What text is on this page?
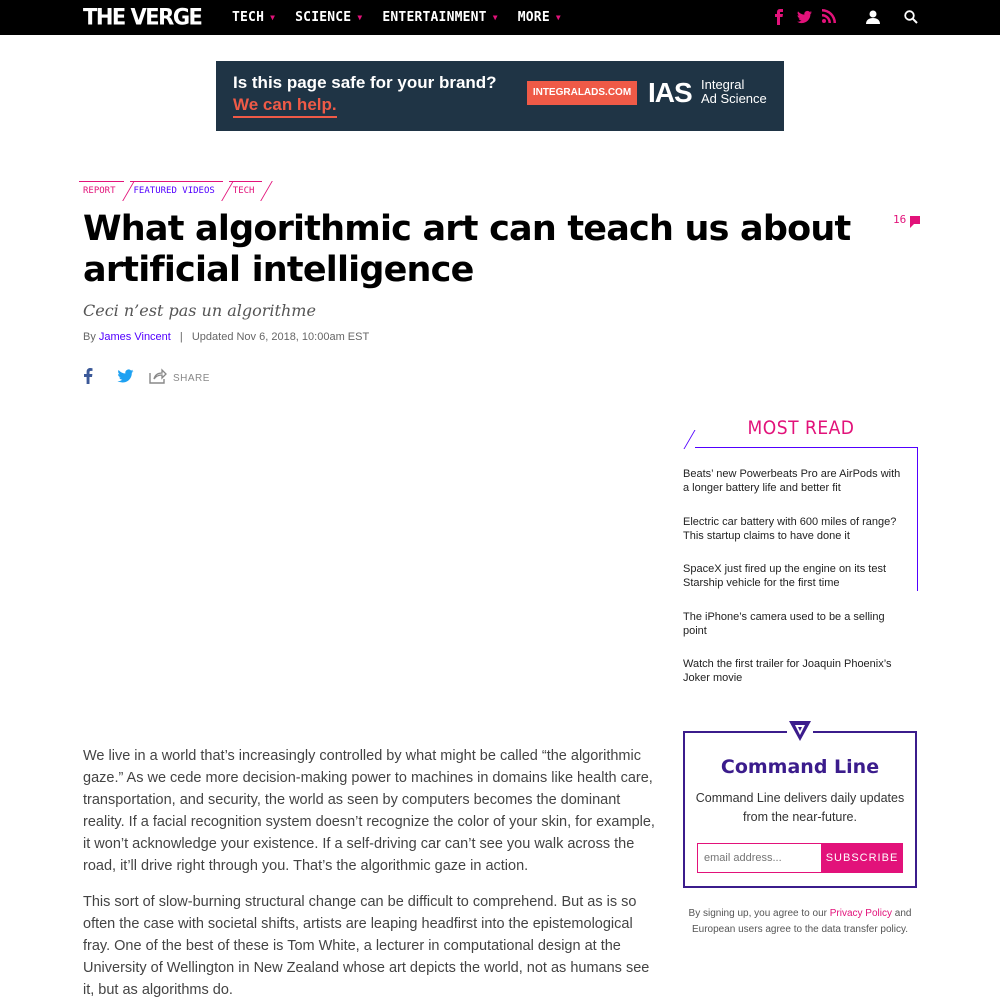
THE VERGE TECH ▼ SCIENCE ▼ ENTERTAINMENT ▼ MORE ▼
Is this page safe for your brand?
We can help.
INTEGRALADS.COM IAS Integral
Ad Science
REPORT	FEATURED VIDEOS	TECH
What algorithmic art can teach us about artificial intelligence
16
Ceci n’est pas un algorithme
By James Vincent | Updated Nov 6, 2018, 10:00am EST
SHARE

We live in a world that’s increasingly controlled by what might be called “the algorithmic gaze.” As we cede more decision-making power to machines in domains like health care, transportation, and security, the world as seen by computers becomes the dominant reality. If a facial recognition system doesn’t recognize the color of your skin, for example, it won’t acknowledge your existence. If a self-driving car can’t see you walk across the road, it’ll drive right through you. That’s the algorithmic gaze in action.

This sort of slow-burning structural change can be difficult to comprehend. But as is so often the case with societal shifts, artists are leaping headfirst into the epistemological fray. One of the best of these is Tom White, a lecturer in computational design at the University of Wellington in New Zealand whose art depicts the world, not as humans see it, but as algorithms do.

MOST READ
Beats’ new Powerbeats Pro are AirPods with a longer battery life and better fit
Electric car battery with 600 miles of range? This startup claims to have done it
SpaceX just fired up the engine on its test Starship vehicle for the first time
The iPhone’s camera used to be a selling point
Watch the first trailer for Joaquin Phoenix’s Joker movie
Command Line
Command Line delivers daily updates from the near-future.
email address...
SUBSCRIBE
By signing up, you agree to our Privacy Policy and European users agree to the data transfer policy.
